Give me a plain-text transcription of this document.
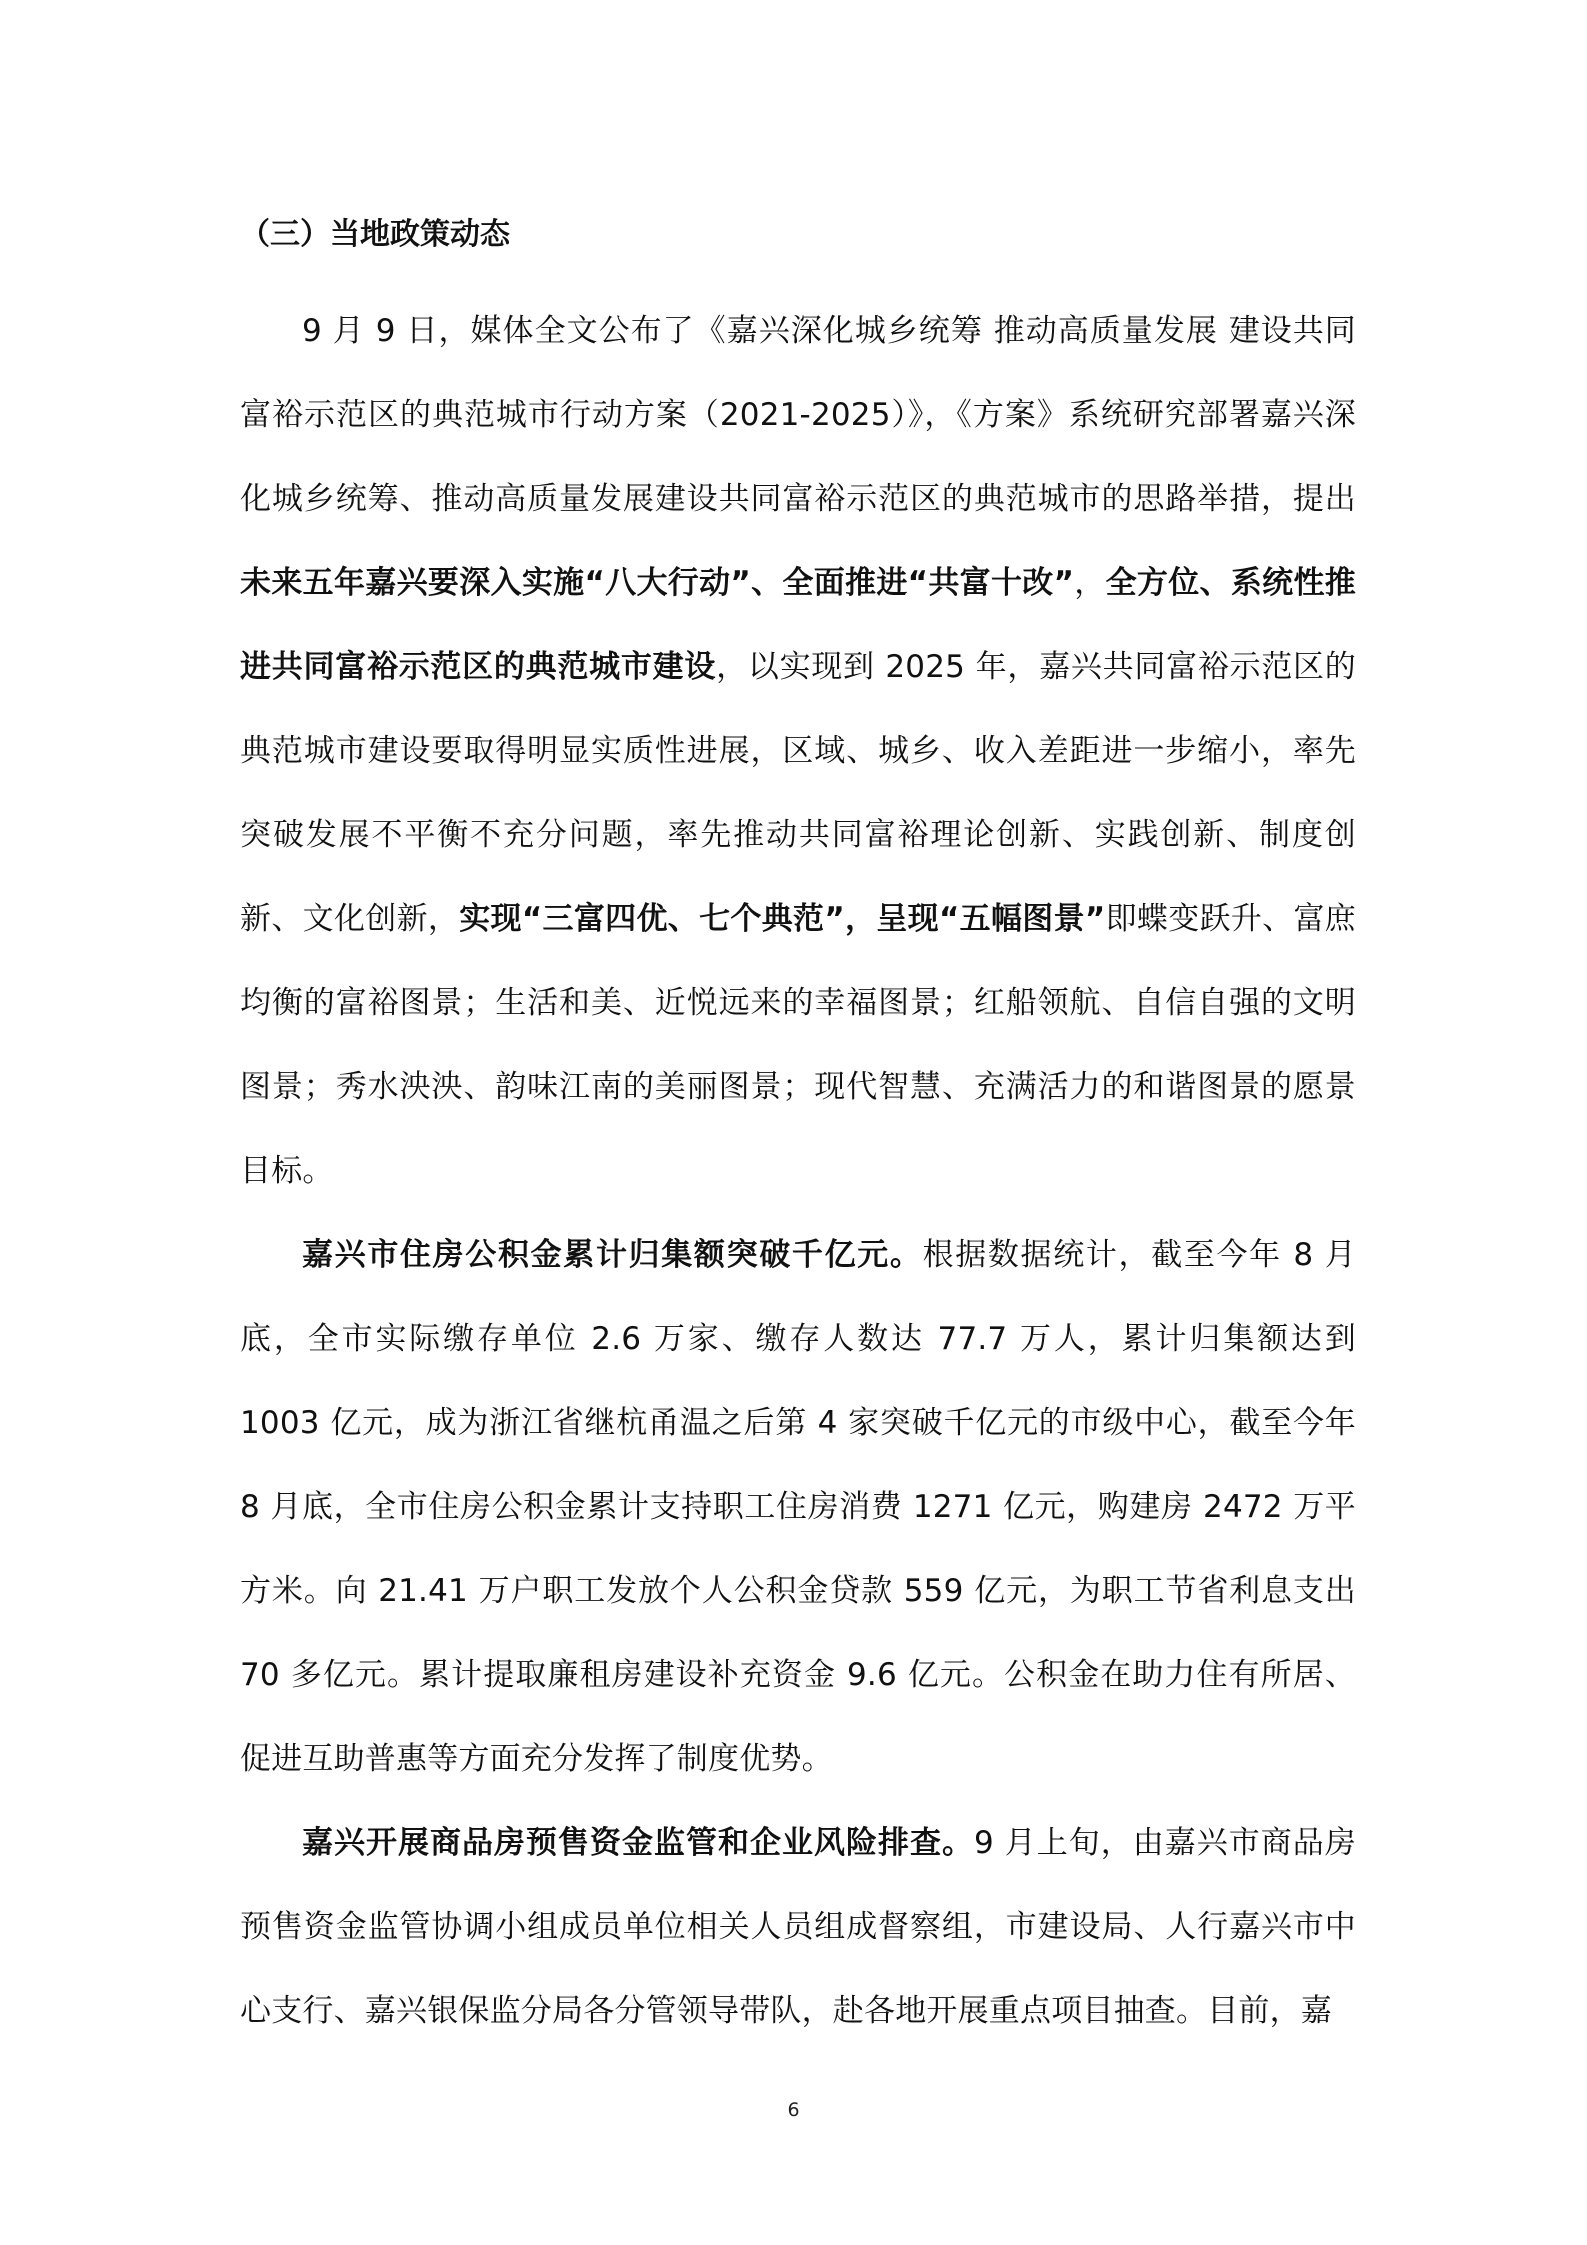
（三）当地政策动态

9 月 9 日，媒体全文公布了《嘉兴深化城乡统筹 推动高质量发展 建设共同富裕示范区的典范城市行动方案（2021-2025）》，《方案》系统研究部署嘉兴深化城乡统筹、推动高质量发展建设共同富裕示范区的典范城市的思路举措，提出未来五年嘉兴要深入实施“八大行动”、全面推进“共富十改”，全方位、系统性推进共同富裕示范区的典范城市建设，以实现到 2025 年，嘉兴共同富裕示范区的典范城市建设要取得明显实质性进展，区域、城乡、收入差距进一步缩小，率先突破发展不平衡不充分问题，率先推动共同富裕理论创新、实践创新、制度创新、文化创新，实现“三富四优、七个典范”，呈现“五幅图景”即蝶变跃升、富庶均衡的富裕图景；生活和美、近悦远来的幸福图景；红船领航、自信自强的文明图景；秀水泱泱、韵味江南的美丽图景；现代智慧、充满活力的和谐图景的愿景目标。

嘉兴市住房公积金累计归集额突破千亿元。根据数据统计，截至今年 8 月底，全市实际缴存单位 2.6 万家、缴存人数达 77.7 万人，累计归集额达到 1003 亿元，成为浙江省继杭甬温之后第 4 家突破千亿元的市级中心，截至今年 8 月底，全市住房公积金累计支持职工住房消费 1271 亿元，购建房 2472 万平方米。向 21.41 万户职工发放个人公积金贷款 559 亿元，为职工节省利息支出 70 多亿元。累计提取廉租房建设补充资金 9.6 亿元。公积金在助力住有所居、促进互助普惠等方面充分发挥了制度优势。

嘉兴开展商品房预售资金监管和企业风险排查。9 月上旬，由嘉兴市商品房预售资金监管协调小组成员单位相关人员组成督察组，市建设局、人行嘉兴市中心支行、嘉兴银保监分局各分管领导带队，赴各地开展重点项目抽查。目前，嘉

6
